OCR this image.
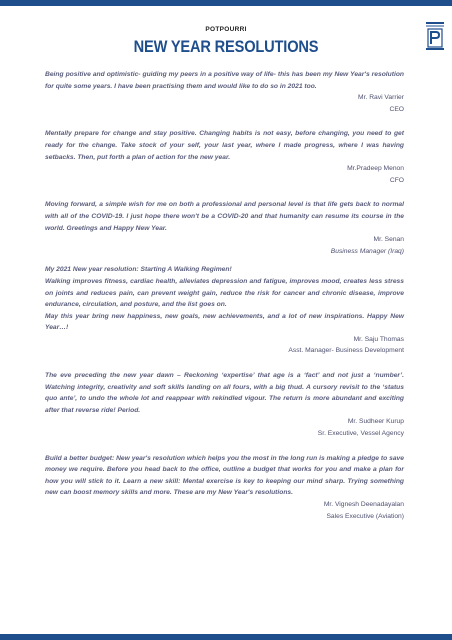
POTPOURRI
NEW YEAR RESOLUTIONS

Being positive and optimistic- guiding my peers in a positive way of life- this has been my New Year's resolution for quite some years. I have been practising them and would like to do so in 2021 too.

Mr. Ravi Varrier

CEO

Mentally prepare for change and stay positive. Changing habits is not easy, before changing, you need to get ready for the change. Take stock of your self, your last year, where I made progress, where I was having setbacks. Then, put forth a plan of action for the new year.

Mr.Pradeep Menon

CFO

Moving forward, a simple wish for me on both a professional and personal level is that life gets back to normal with all of the COVID-19. I just hope there won't be a COVID-20 and that humanity can resume its course in the world. Greetings and Happy New Year.

Mr. Senan

Business Manager (Iraq)

My 2021 New year resolution: Starting A Walking Regimen!

Walking improves fitness, cardiac health, alleviates depression and fatigue, improves mood, creates less stress on joints and reduces pain, can prevent weight gain, reduce the risk for cancer and chronic disease, improve endurance, circulation, and posture, and the list goes on.

May this year bring new happiness, new goals, new achievements, and a lot of new inspirations. Happy New Year…!

Mr. Saju Thomas

Asst. Manager- Business Development

The eve preceding the new year dawn – Reckoning ‘expertise’ that age is a ‘fact’ and not just a ‘number’. Watching integrity, creativity and soft skills landing on all fours, with a big thud. A cursory revisit to the ‘status quo ante’, to undo the whole lot and reappear with rekindled vigour. The return is more abundant and exciting after that reverse ride! Period.

Mr. Sudheer Kurup

Sr. Executive, Vessel Agency

Build a better budget: New year's resolution which helps you the most in the long run is making a pledge to save money we require. Before you head back to the office, outline a budget that works for you and make a plan for how you will stick to it. Learn a new skill: Mental exercise is key to keeping our mind sharp. Trying something new can boost memory skills and more. These are my New Year's resolutions.

Mr. Vignesh Deenadayalan

Sales Executive (Aviation)
